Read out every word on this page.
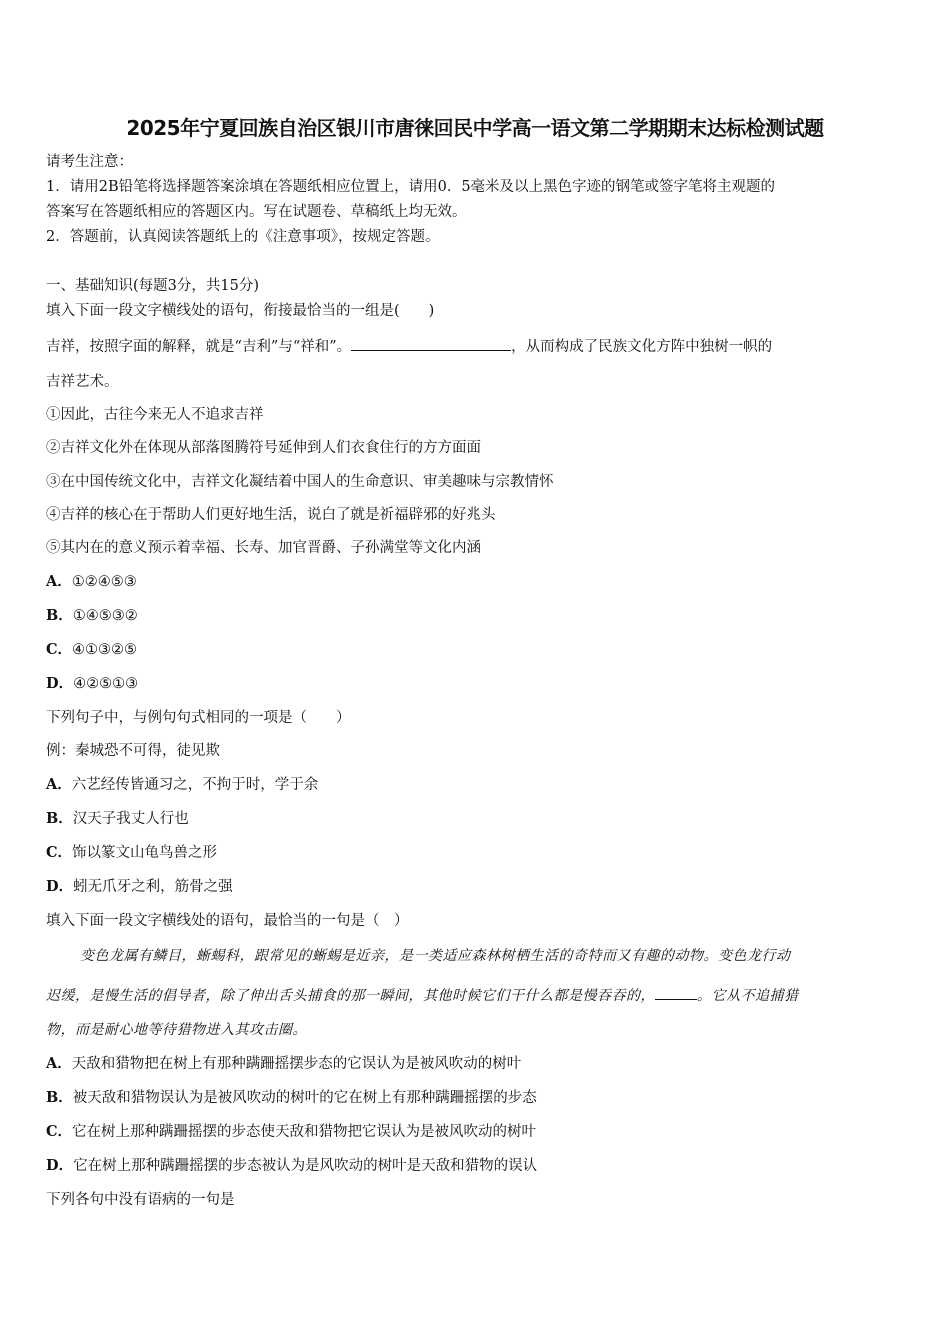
2025年宁夏回族自治区银川市唐徕回民中学高一语文第二学期期末达标检测试题
请考生注意：
1．请用2B铅笔将选择题答案涂填在答题纸相应位置上，请用0．5毫米及以上黑色字迹的钢笔或签字笔将主观题的
答案写在答题纸相应的答题区内。写在试题卷、草稿纸上均无效。
2．答题前，认真阅读答题纸上的《注意事项》，按规定答题。
一、基础知识(每题3分，共15分)
填入下面一段文字横线处的语句，衔接最恰当的一组是(　　)
吉祥，按照字面的解释，就是“吉利”与“祥和”。	，从而构成了民族文化方阵中独树一帜的
吉祥艺术。
①因此，古往今来无人不追求吉祥
②吉祥文化外在体现从部落图腾符号延伸到人们衣食住行的方方面面
③在中国传统文化中，吉祥文化凝结着中国人的生命意识、审美趣味与宗教情怀
④吉祥的核心在于帮助人们更好地生活，说白了就是祈福辟邪的好兆头
⑤其内在的意义预示着幸福、长寿、加官晋爵、子孙满堂等文化内涵
A．①②④⑤③
B．①④⑤③②
C．④①③②⑤
D．④②⑤①③
下列句子中，与例句句式相同的一项是（　　）
例：秦城恐不可得，徒见欺
A．六艺经传皆通习之，不拘于时，学于余
B．汉天子我丈人行也
C．饰以篆文山龟鸟兽之形
D．蚓无爪牙之利，筋骨之强
填入下面一段文字横线处的语句，最恰当的一句是（　）
变色龙属有鳞目，蜥蜴科，跟常见的蜥蜴是近亲，是一类适应森林树栖生活的奇特而又有趣的动物。变色龙行动
迟缓，是慢生活的倡导者，除了伸出舌头捕食的那一瞬间，其他时候它们干什么都是慢吞吞的，	。它从不追捕猎
物，而是耐心地等待猎物进入其攻击圈。
A．天敌和猎物把在树上有那种蹒跚摇摆步态的它误认为是被风吹动的树叶
B．被天敌和猎物误认为是被风吹动的树叶的它在树上有那种蹒跚摇摆的步态
C．它在树上那种蹒跚摇摆的步态使天敌和猎物把它误认为是被风吹动的树叶
D．它在树上那种蹒跚摇摆的步态被认为是风吹动的树叶是天敌和猎物的误认
下列各句中没有语病的一句是
